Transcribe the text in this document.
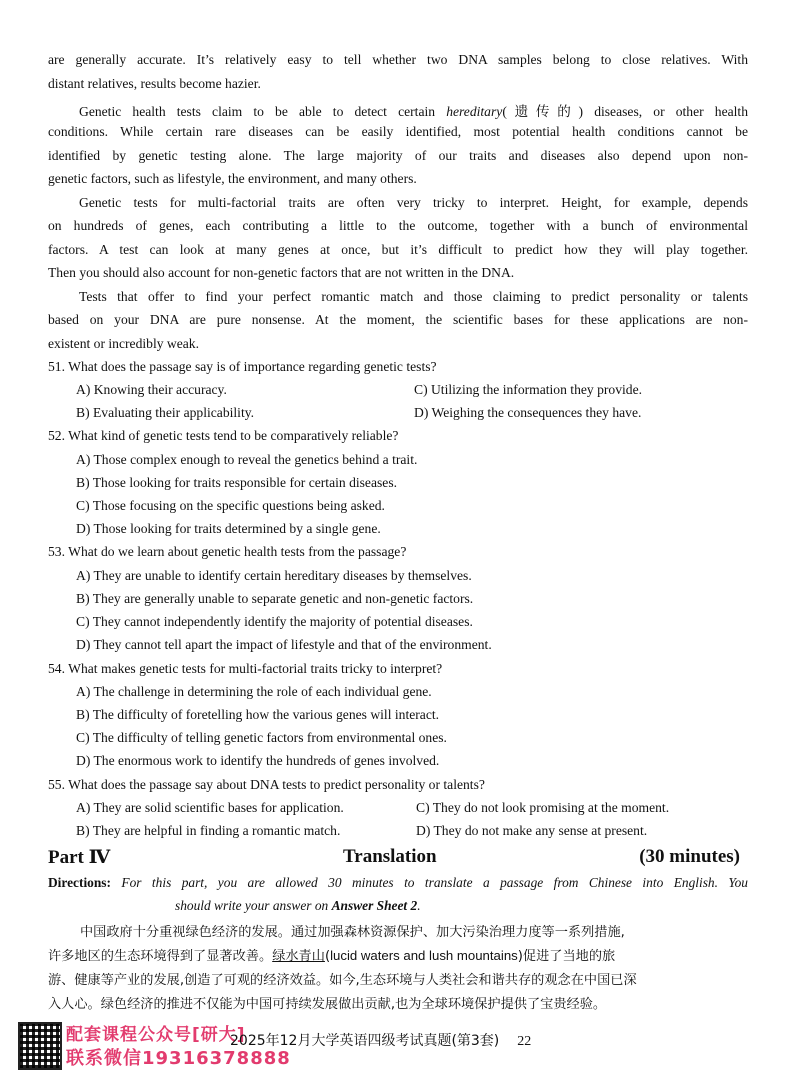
are generally accurate. It’s relatively easy to tell whether two DNA samples belong to close relatives. With
distant relatives, results become hazier.
Genetic health tests claim to be able to detect certain hereditary(遗传的) diseases, or other health
conditions. While certain rare diseases can be easily identified, most potential health conditions cannot be
identified by genetic testing alone. The large majority of our traits and diseases also depend upon non-
genetic factors, such as lifestyle, the environment, and many others.
Genetic tests for multi-factorial traits are often very tricky to interpret. Height, for example, depends
on hundreds of genes, each contributing a little to the outcome, together with a bunch of environmental
factors. A test can look at many genes at once, but it’s difficult to predict how they will play together.
Then you should also account for non-genetic factors that are not written in the DNA.
Tests that offer to find your perfect romantic match and those claiming to predict personality or talents
based on your DNA are pure nonsense. At the moment, the scientific bases for these applications are non-
existent or incredibly weak.
51. What does the passage say is of importance regarding genetic tests?
A) Knowing their accuracy.	C) Utilizing the information they provide.
B) Evaluating their applicability.	D) Weighing the consequences they have.
52. What kind of genetic tests tend to be comparatively reliable?
A) Those complex enough to reveal the genetics behind a trait.
B) Those looking for traits responsible for certain diseases.
C) Those focusing on the specific questions being asked.
D) Those looking for traits determined by a single gene.
53. What do we learn about genetic health tests from the passage?
A) They are unable to identify certain hereditary diseases by themselves.
B) They are generally unable to separate genetic and non-genetic factors.
C) They cannot independently identify the majority of potential diseases.
D) They cannot tell apart the impact of lifestyle and that of the environment.
54. What makes genetic tests for multi-factorial traits tricky to interpret?
A) The challenge in determining the role of each individual gene.
B) The difficulty of foretelling how the various genes will interact.
C) The difficulty of telling genetic factors from environmental ones.
D) The enormous work to identify the hundreds of genes involved.
55. What does the passage say about DNA tests to predict personality or talents?
A) They are solid scientific bases for application.	C) They do not look promising at the moment.
B) They are helpful in finding a romantic match.	D) They do not make any sense at present.
Part Ⅳ	Translation	(30 minutes)
Directions: For this part, you are allowed 30 minutes to translate a passage from Chinese into English. You
should write your answer on Answer Sheet 2.
中国政府十分重视绿色经济的发展。通过加强森林资源保护、加大污染治理力度等一系列措施,
许多地区的生态环境得到了显著改善。绿水青山(lucid waters and lush mountains)促进了当地的旅
游、健康等产业的发展,创造了可观的经济效益。如今,生态环境与人类社会和谐共存的观念在中国已深
入人心。绿色经济的推进不仅能为中国可持续发展做出贡献,也为全球环境保护提供了宝贵经验。
配套课程公众号[研大]
联系微信19316378888
2025年12月大学英语四级考试真题(第3套) 22
